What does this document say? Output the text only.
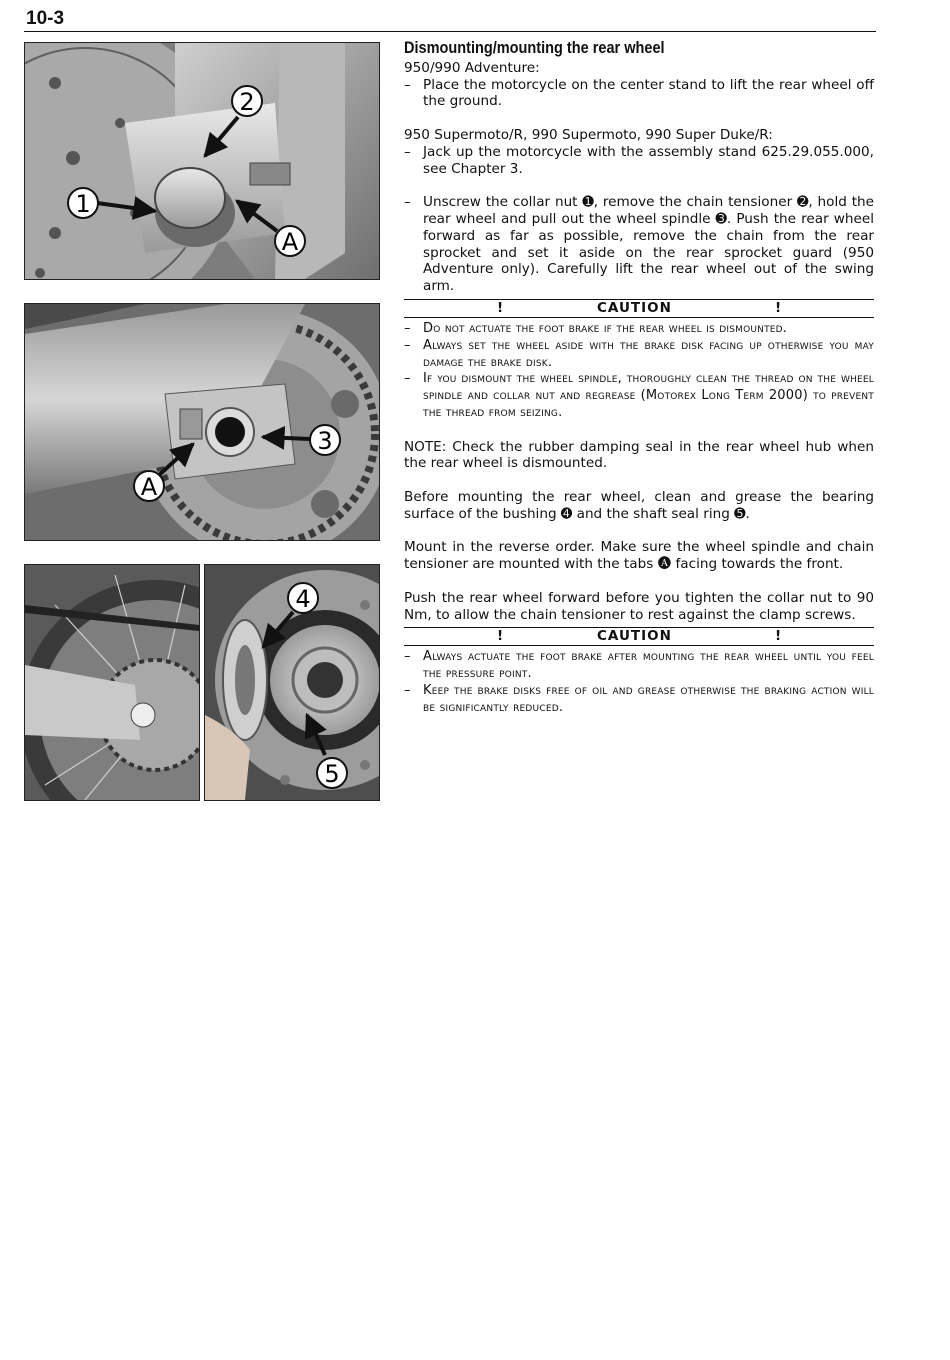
10-3
2
1
A
3
A
4
5
Dismounting/mounting the rear wheel

950/990 Adventure:

– Place the motorcycle on the center stand to lift the rear wheel off the ground.

950 Supermoto/R, 990 Supermoto, 990 Super Duke/R:

– Jack up the motorcycle with the assembly stand 625.29.055.000, see Chapter 3.
– Unscrew the collar nut ➊, remove the chain tensioner ➋, hold the rear wheel and pull out the wheel spindle ➌. Push the rear wheel forward as far as possible, remove the chain from the rear sprocket and set it aside on the rear sprocket guard (950 Adventure only). Carefully lift the rear wheel out of the swing arm.
!	CAUTION	!
– Do not actuate the foot brake if the rear wheel is dismounted.
– Always set the wheel aside with the brake disk facing up otherwise you may damage the brake disk.
– If you dismount the wheel spindle, thoroughly clean the thread on the wheel spindle and collar nut and regrease (Motorex Long Term 2000) to prevent the thread from seizing.

NOTE: Check the rubber damping seal in the rear wheel hub when the rear wheel is dismounted.

Before mounting the rear wheel, clean and grease the bearing surface of the bushing ➍ and the shaft seal ring ➎.

Mount in the reverse order. Make sure the wheel spindle and chain tensioner are mounted with the tabs 🅐 facing towards the front.

Push the rear wheel forward before you tighten the collar nut to 90 Nm, to allow the chain tensioner to rest against the clamp screws.

!	CAUTION	!
– Always actuate the foot brake after mounting the rear wheel until you feel the pressure point.
– Keep the brake disks free of oil and grease otherwise the braking action will be significantly reduced.
